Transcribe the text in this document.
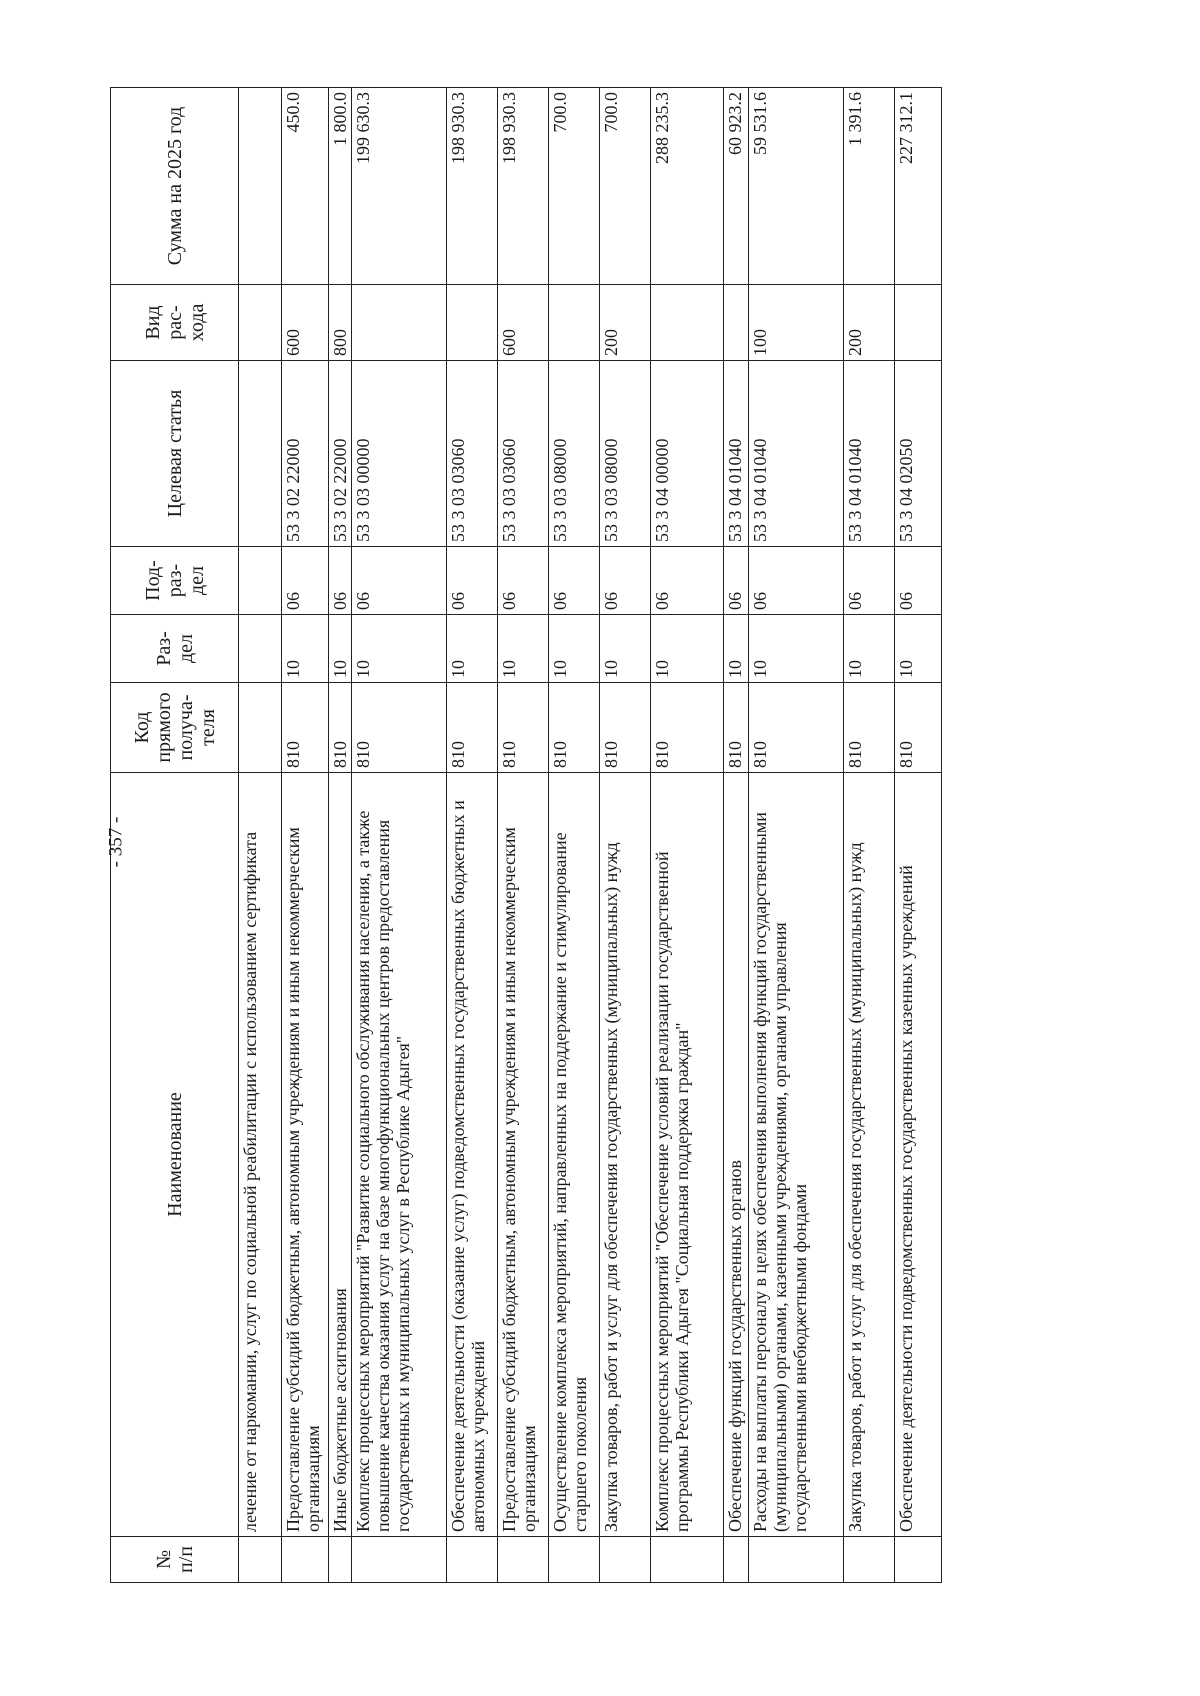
- 357 -
№ п/п	Наименование	Код прямого получа-теля	Раз-дел	Под-раз-дел	Целевая статья	Вид рас-хода	Сумма на 2025 год
	лечение от наркомании, услуг по социальной реабилитации с использованием сертификата						
	Предоставление субсидий бюджетным, автономным учреждениям и иным некоммерческим организациям	810	10	06	53 3 02 22000	600	450.0
	Иные бюджетные ассигнования	810	10	06	53 3 02 22000	800	1 800.0
	Комплекс процессных мероприятий "Развитие социального обслуживания населения, а также повышение качества оказания услуг на базе многофункциональных центров предоставления государственных и муниципальных услуг в Республике Адыгея"	810	10	06	53 3 03 00000		199 630.3
	Обеспечение деятельности (оказание услуг) подведомственных государственных бюджетных и автономных учреждений	810	10	06	53 3 03 03060		198 930.3
	Предоставление субсидий бюджетным, автономным учреждениям и иным некоммерческим организациям	810	10	06	53 3 03 03060	600	198 930.3
	Осуществление комплекса мероприятий, направленных на поддержание и стимулирование старшего поколения	810	10	06	53 3 03 08000		700.0
	Закупка товаров, работ и услуг для обеспечения государственных (муниципальных) нужд	810	10	06	53 3 03 08000	200	700.0
	Комплекс процессных мероприятий "Обеспечение условий реализации государственной программы Республики Адыгея "Социальная поддержка граждан"	810	10	06	53 3 04 00000		288 235.3
	Обеспечение функций государственных органов	810	10	06	53 3 04 01040		60 923.2
	Расходы на выплаты персоналу в целях обеспечения выполнения функций государственными (муниципальными) органами, казенными учреждениями, органами управления государственными внебюджетными фондами	810	10	06	53 3 04 01040	100	59 531.6
	Закупка товаров, работ и услуг для обеспечения государственных (муниципальных) нужд	810	10	06	53 3 04 01040	200	1 391.6
	Обеспечение деятельности подведомственных государственных казенных учреждений	810	10	06	53 3 04 02050		227 312.1
